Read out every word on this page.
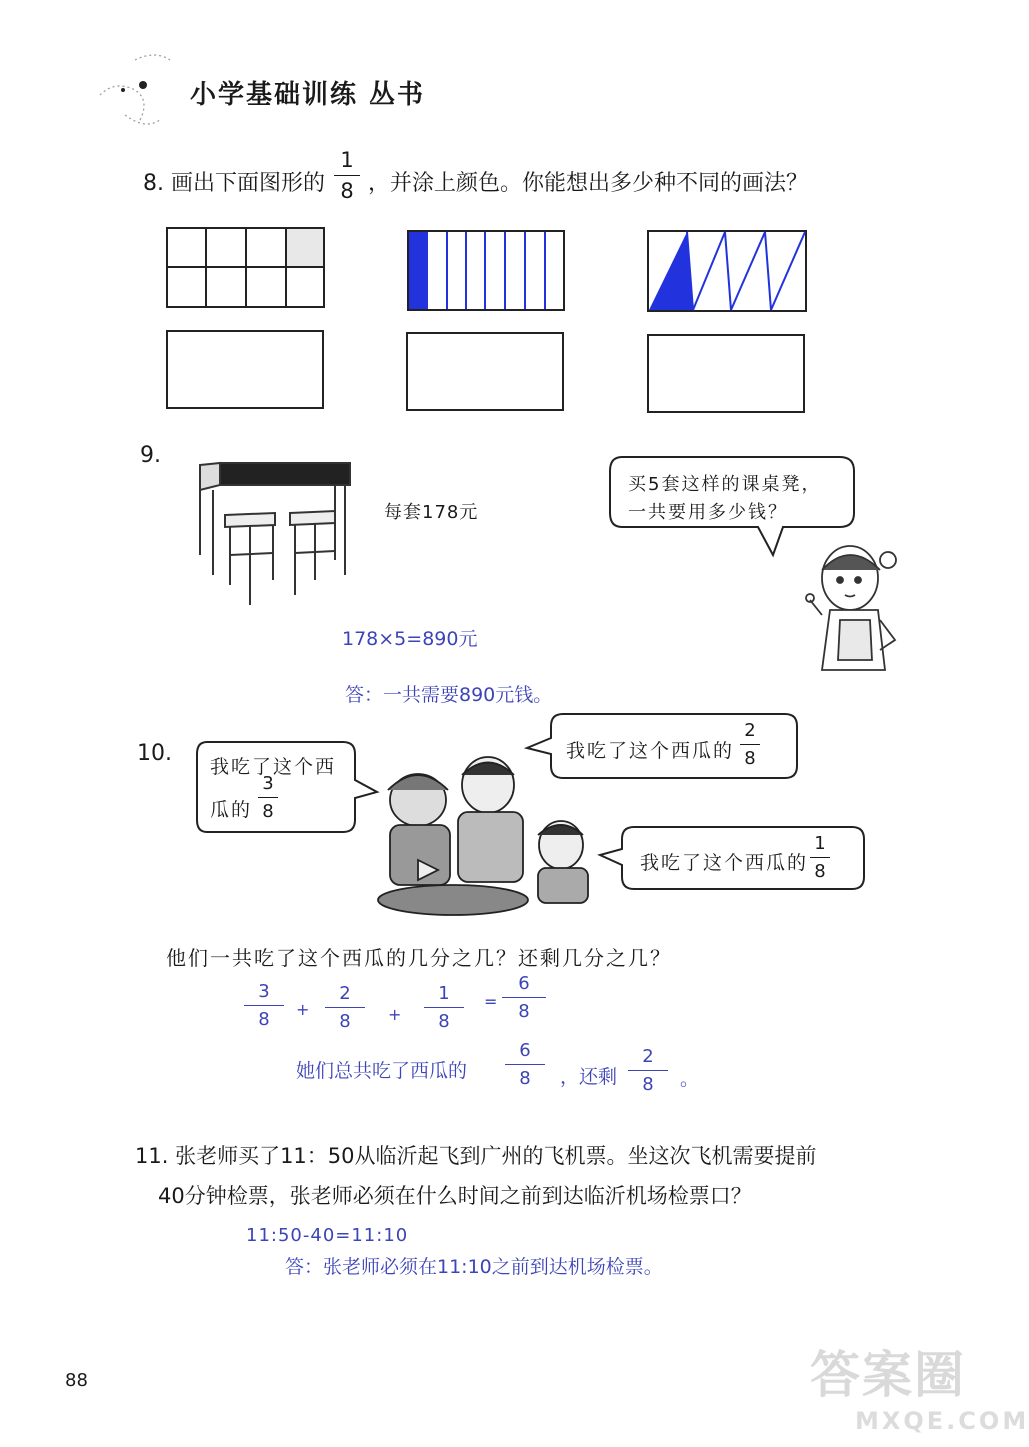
小学基础训练 丛书
8. 画出下面图形的
1
8 ，并涂上颜色。你能想出多少种不同的画法？
9.
每套178元
买5套这样的课桌凳，
一共要用多少钱？
178×5=890元
答：一共需要890元钱。
10.
我吃了这个西
瓜的
3
8
我吃了这个西瓜的
2
8
我吃了这个西瓜的
1
8
他们一共吃了这个西瓜的几分之几？还剩几分之几？
3
8	+
2
8	+
1
8
=
6
8
她们总共吃了西瓜的
6
8	，还剩
2
8	。
11. 张老师买了11：50从临沂起飞到广州的飞机票。坐这次飞机需要提前
40分钟检票，张老师必须在什么时间之前到达临沂机场检票口？
11:50-40=11:10
答：张老师必须在11:10之前到达机场检票。
88	答案圈
MXQE.COM
